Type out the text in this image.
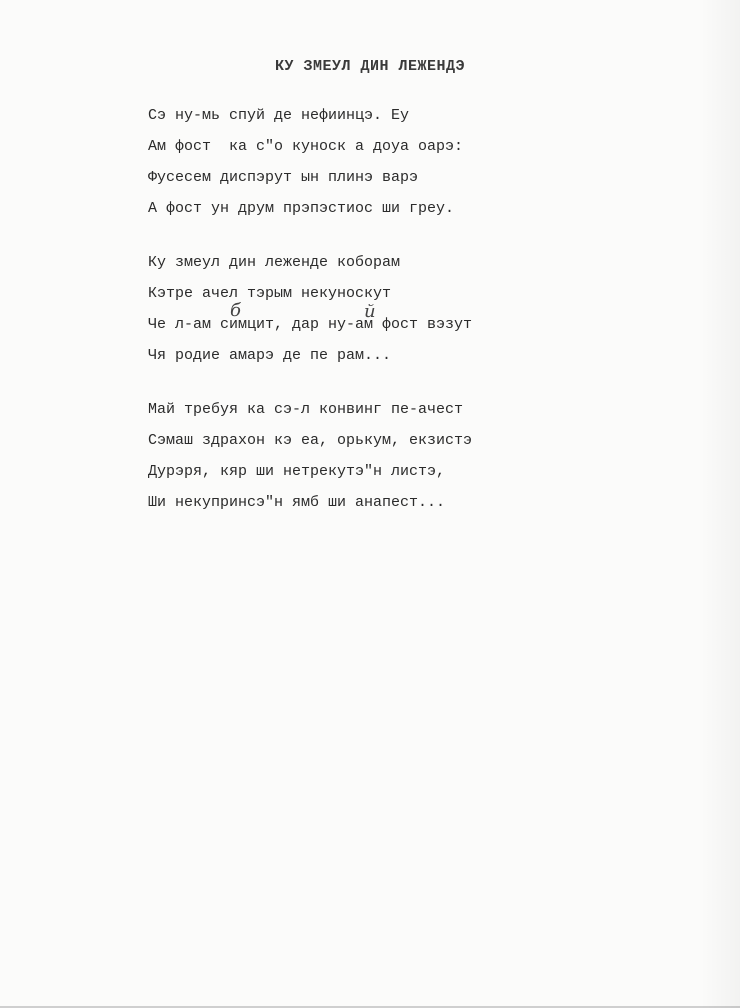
КУ ЗМЕУЛ ДИН ЛЕЖЕНДЭ
Сэ ну-мь спуй де нефиинцэ. Еу
Ам фост  ка с"о куноск а доуа оарэ:
Фусесем диспэрут ын плинэ варэ
А фост ун друм прэпэстиос ши греу.
Ку змеул дин леженде коборам
Кэтре ачел тэрым некуноскут
Че л-ам симцит, дар ну-ам фост вэзут
Чя родие амарэ де пе рам...
Май требуя ка сэ-л конвинг пе-ачест
Сэмаш здрахон кэ еа, орькум, екзистэ
Дурэря, кяр ши нетрекутэ"н листэ,
Ши некупринсэ"н ямб ши анапест...
б	й
